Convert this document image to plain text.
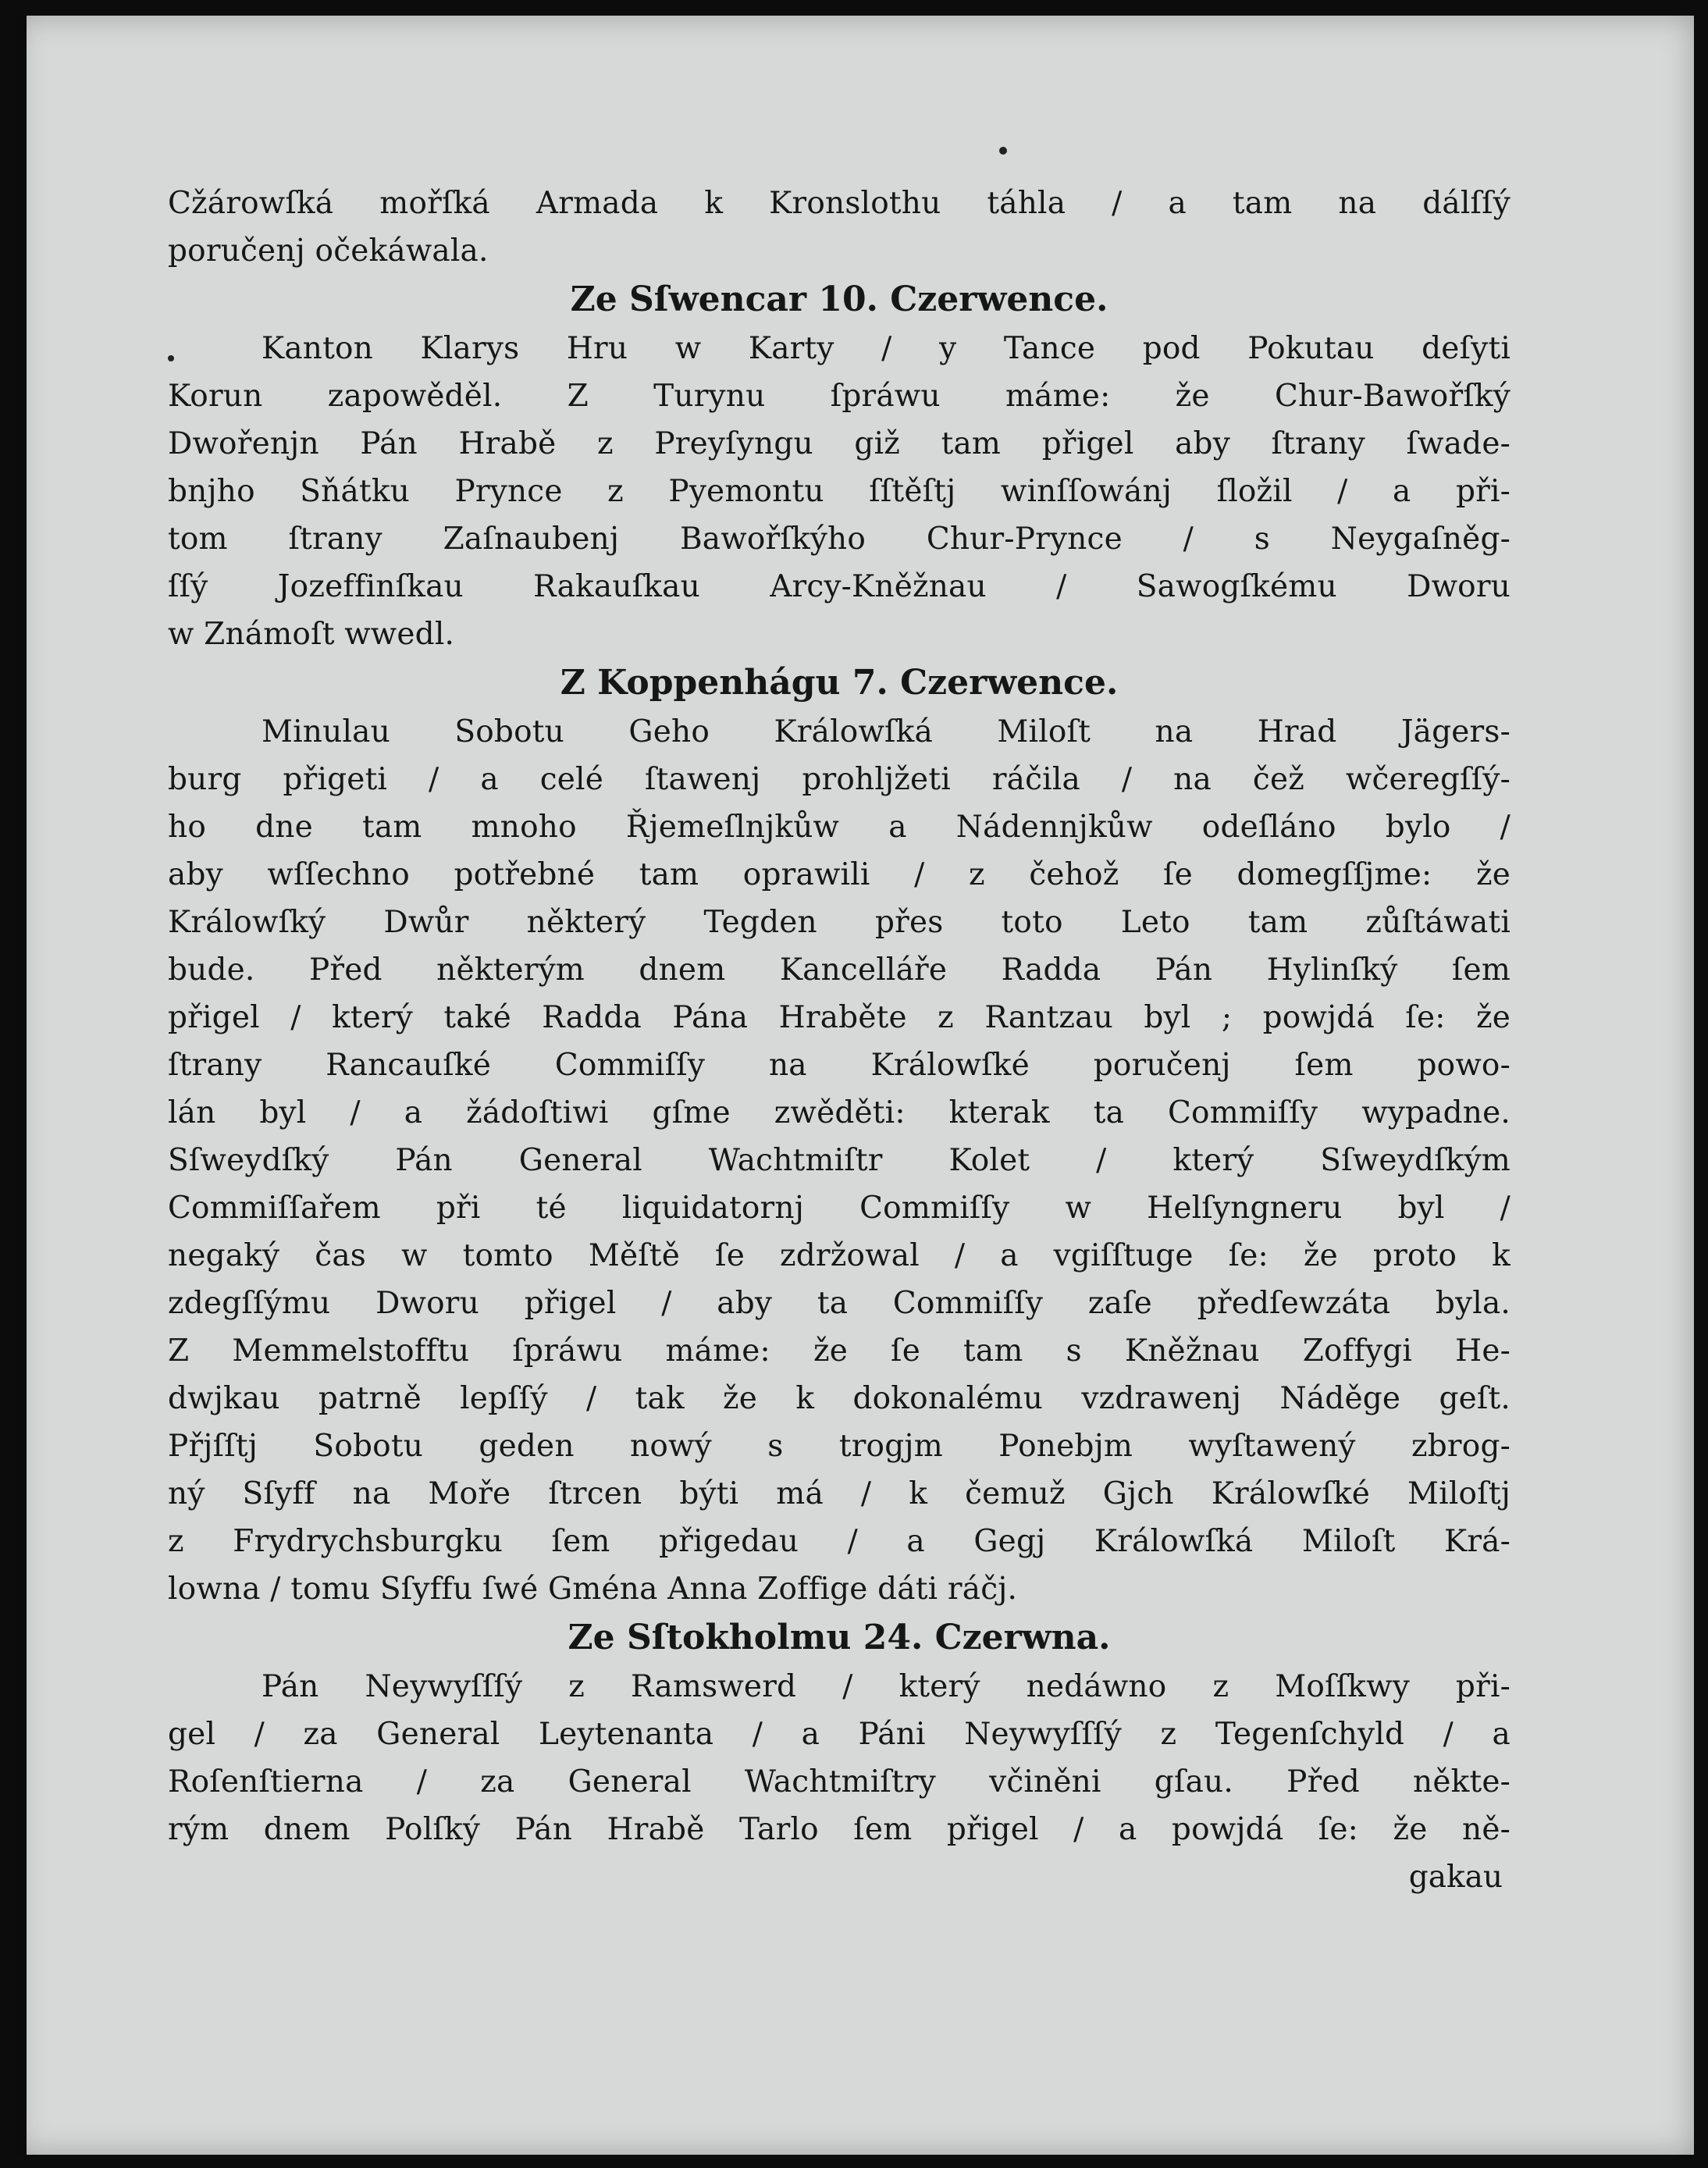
Cžárowſká mořſká Armada k Kronslothu táhla / a tam na dálſſý
poručenj očekáwala.
Ze Sſwencar 10. Czerwence.
Kanton Klarys Hru w Karty / y Tance pod Pokutau deſyti
Korun zapowěděl. Z Turynu ſpráwu máme: že Chur-Bawořſký
Dwořenjn Pán Hrabě z Preyſyngu giž tam přigel aby ſtrany ſwade-
bnjho Sňátku Prynce z Pyemontu ſſtěſtj winſſowánj ſložil / a při-
tom ſtrany Zaſnaubenj Bawořſkýho Chur-Prynce / s Neygaſněg-
ſſý Jozeffinſkau Rakauſkau Arcy-Kněžnau / Sawogſkému Dworu
w Známoſt wwedl.
Z Koppenhágu 7. Czerwence.
Minulau Sobotu Geho Králowſká Miloſt na Hrad Jägers-
burg přigeti / a celé ſtawenj prohljžeti ráčila / na čež wčeregſſý-
ho dne tam mnoho Řjemeſlnjkůw a Nádennjkůw odeſláno bylo /
aby wſſechno potřebné tam oprawili / z čehož ſe domegſſjme: že
Králowſký Dwůr některý Tegden přes toto Leto tam zůſtáwati
bude. Před některým dnem Kancelláře Radda Pán Hylinſký ſem
přigel / který také Radda Pána Hraběte z Rantzau byl ; powjdá ſe: že
ſtrany Rancauſké Commiſſy na Králowſké poručenj ſem powo-
lán byl / a žádoſtiwi gſme zwěděti: kterak ta Commiſſy wypadne.
Sſweydſký Pán General Wachtmiſtr Kolet / který Sſweydſkým
Commiſſařem při té liquidatornj Commiſſy w Helſyngneru byl /
negaký čas w tomto Měſtě ſe zdržowal / a vgiſſtuge ſe: že proto k
zdegſſýmu Dworu přigel / aby ta Commiſſy zaſe předſewzáta byla.
Z Memmelstofftu ſpráwu máme: že ſe tam s Kněžnau Zoffygi He-
dwjkau patrně lepſſý / tak že k dokonalému vzdrawenj Náděge geſt.
Přjſſtj Sobotu geden nowý s trogjm Ponebjm wyſtawený zbrog-
ný Sſyff na Moře ſtrcen býti má / k čemuž Gjch Králowſké Miloſtj
z Frydrychsburgku ſem přigedau / a Gegj Králowſká Miloſt Krá-
lowna / tomu Sſyffu ſwé Gména Anna Zoffige dáti ráčj.
Ze Sſtokholmu 24. Czerwna.
Pán Neywyſſſý z Ramswerd / který nedáwno z Moſſkwy při-
gel / za General Leytenanta / a Páni Neywyſſſý z Tegenſchyld / a
Roſenſtierna / za General Wachtmiſtry včiněni gſau. Před někte-
rým dnem Polſký Pán Hrabě Tarlo ſem přigel / a powjdá ſe: že ně-
gakau
